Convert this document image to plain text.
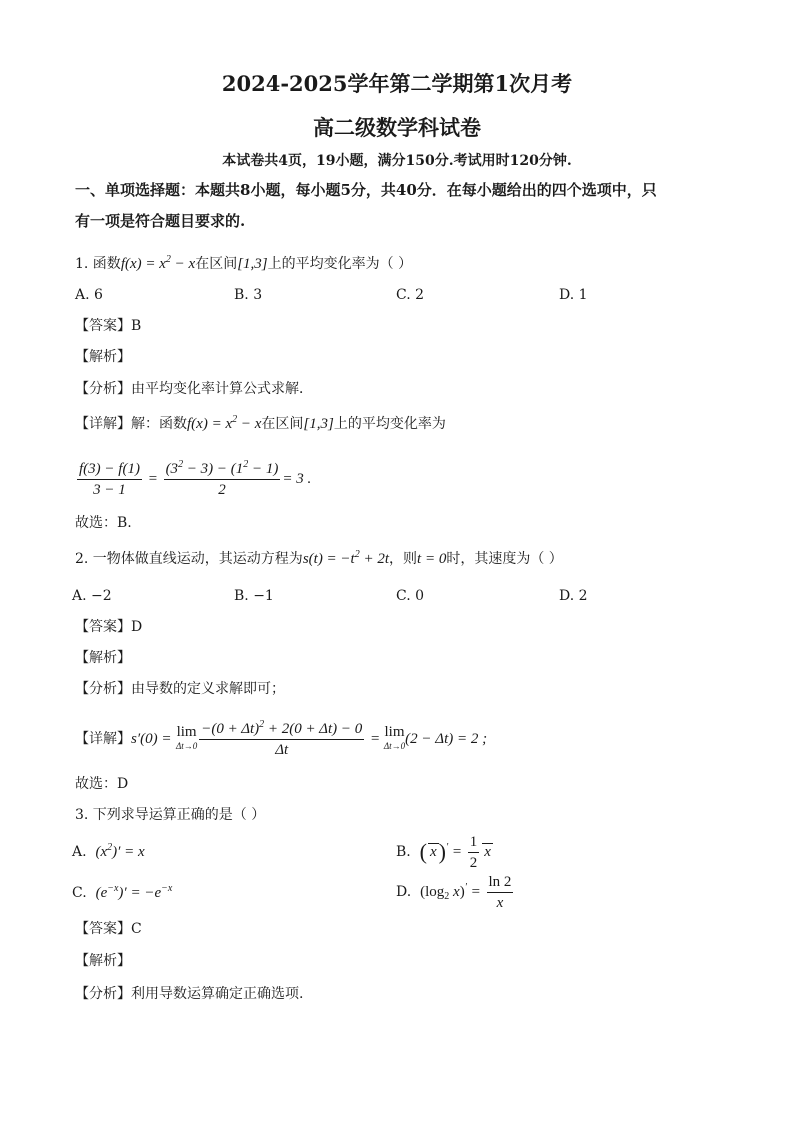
2024-2025学年第二学期第1次月考
高二级数学科试卷
本试卷共4页，19小题，满分150分.考试用时120分钟.
一、单项选择题：本题共8小题，每小题5分，共40分．在每小题给出的四个选项中，只
有一项是符合题目要求的.
1. 函数$f(x) = x^2 - x$在区间[1,3]上的平均变化率为（ ）
A. 6	B. 3	C. 2	D. 1
【答案】B
【解析】
【分析】由平均变化率计算公式求解．
【详解】解：函数$f(x) = x^2 - x$在区间[1,3]上的平均变化率为
$\frac{f(3) - f(1)}{3 - 1} = \frac{(3^2 - 3) - (1^2 - 1)}{2} = 3$ .
故选：B.
2. 一物体做直线运动，其运动方程为$s(t) = -t^2 + 2t$，则t = 0时，其速度为（ ）
A. −2	B. −1	C. 0	D. 2
【答案】D
【解析】
【分析】由导数的定义求解即可；
【详解】s′(0) = lim
$\Delta t\to 0 \frac{-(0 + \Delta t)^2 + 2(0 + \Delta t) - 0}{\Delta t} = \lim$
Δt→0 (2 − Δt) = 2 ;
故选：D
3. 下列求导运算正确的是（ ）
A. $(x^2)' = x$	B. ( $x)' = \frac{1}{2}$ x
C. $(e^{-x})' = -e^{-x}$	D. ($\log_2$ $x)' = \frac{\ln 2}{x}$
【答案】C
【解析】
【分析】利用导数运算确定正确选项.
